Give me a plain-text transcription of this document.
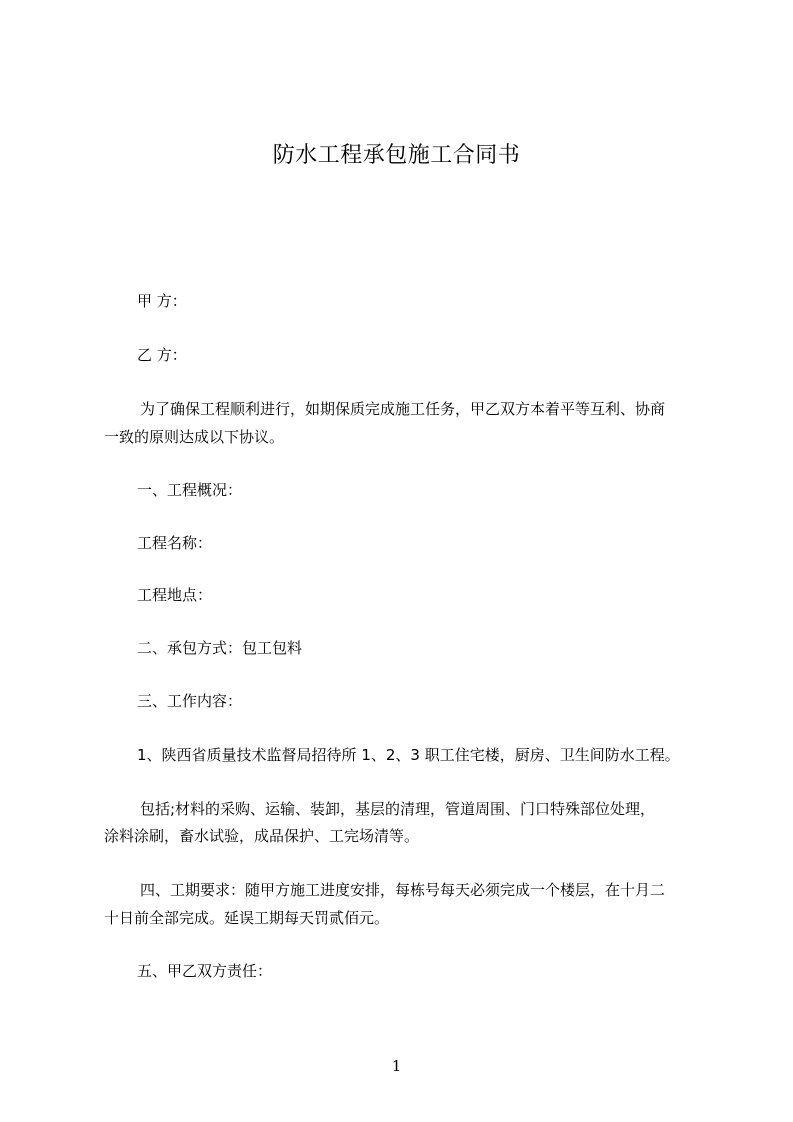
防水工程承包施工合同书
甲 方：
乙 方：
为了确保工程顺利进行，如期保质完成施工任务，甲乙双方本着平等互利、协商
一致的原则达成以下协议。
一、工程概况：
工程名称：
工程地点：
二、承包方式：包工包料
三、工作内容：
1、陕西省质量技术监督局招待所 1、2、3 职工住宅楼，厨房、卫生间防水工程。
包括;材料的采购、运输、装卸，基层的清理，管道周围、门口特殊部位处理，
涂料涂刷，畜水试验，成品保护、工完场清等。
四、工期要求：随甲方施工进度安排，每栋号每天必须完成一个楼层，在十月二
十日前全部完成。延误工期每天罚贰佰元。
五、甲乙双方责任：
1
